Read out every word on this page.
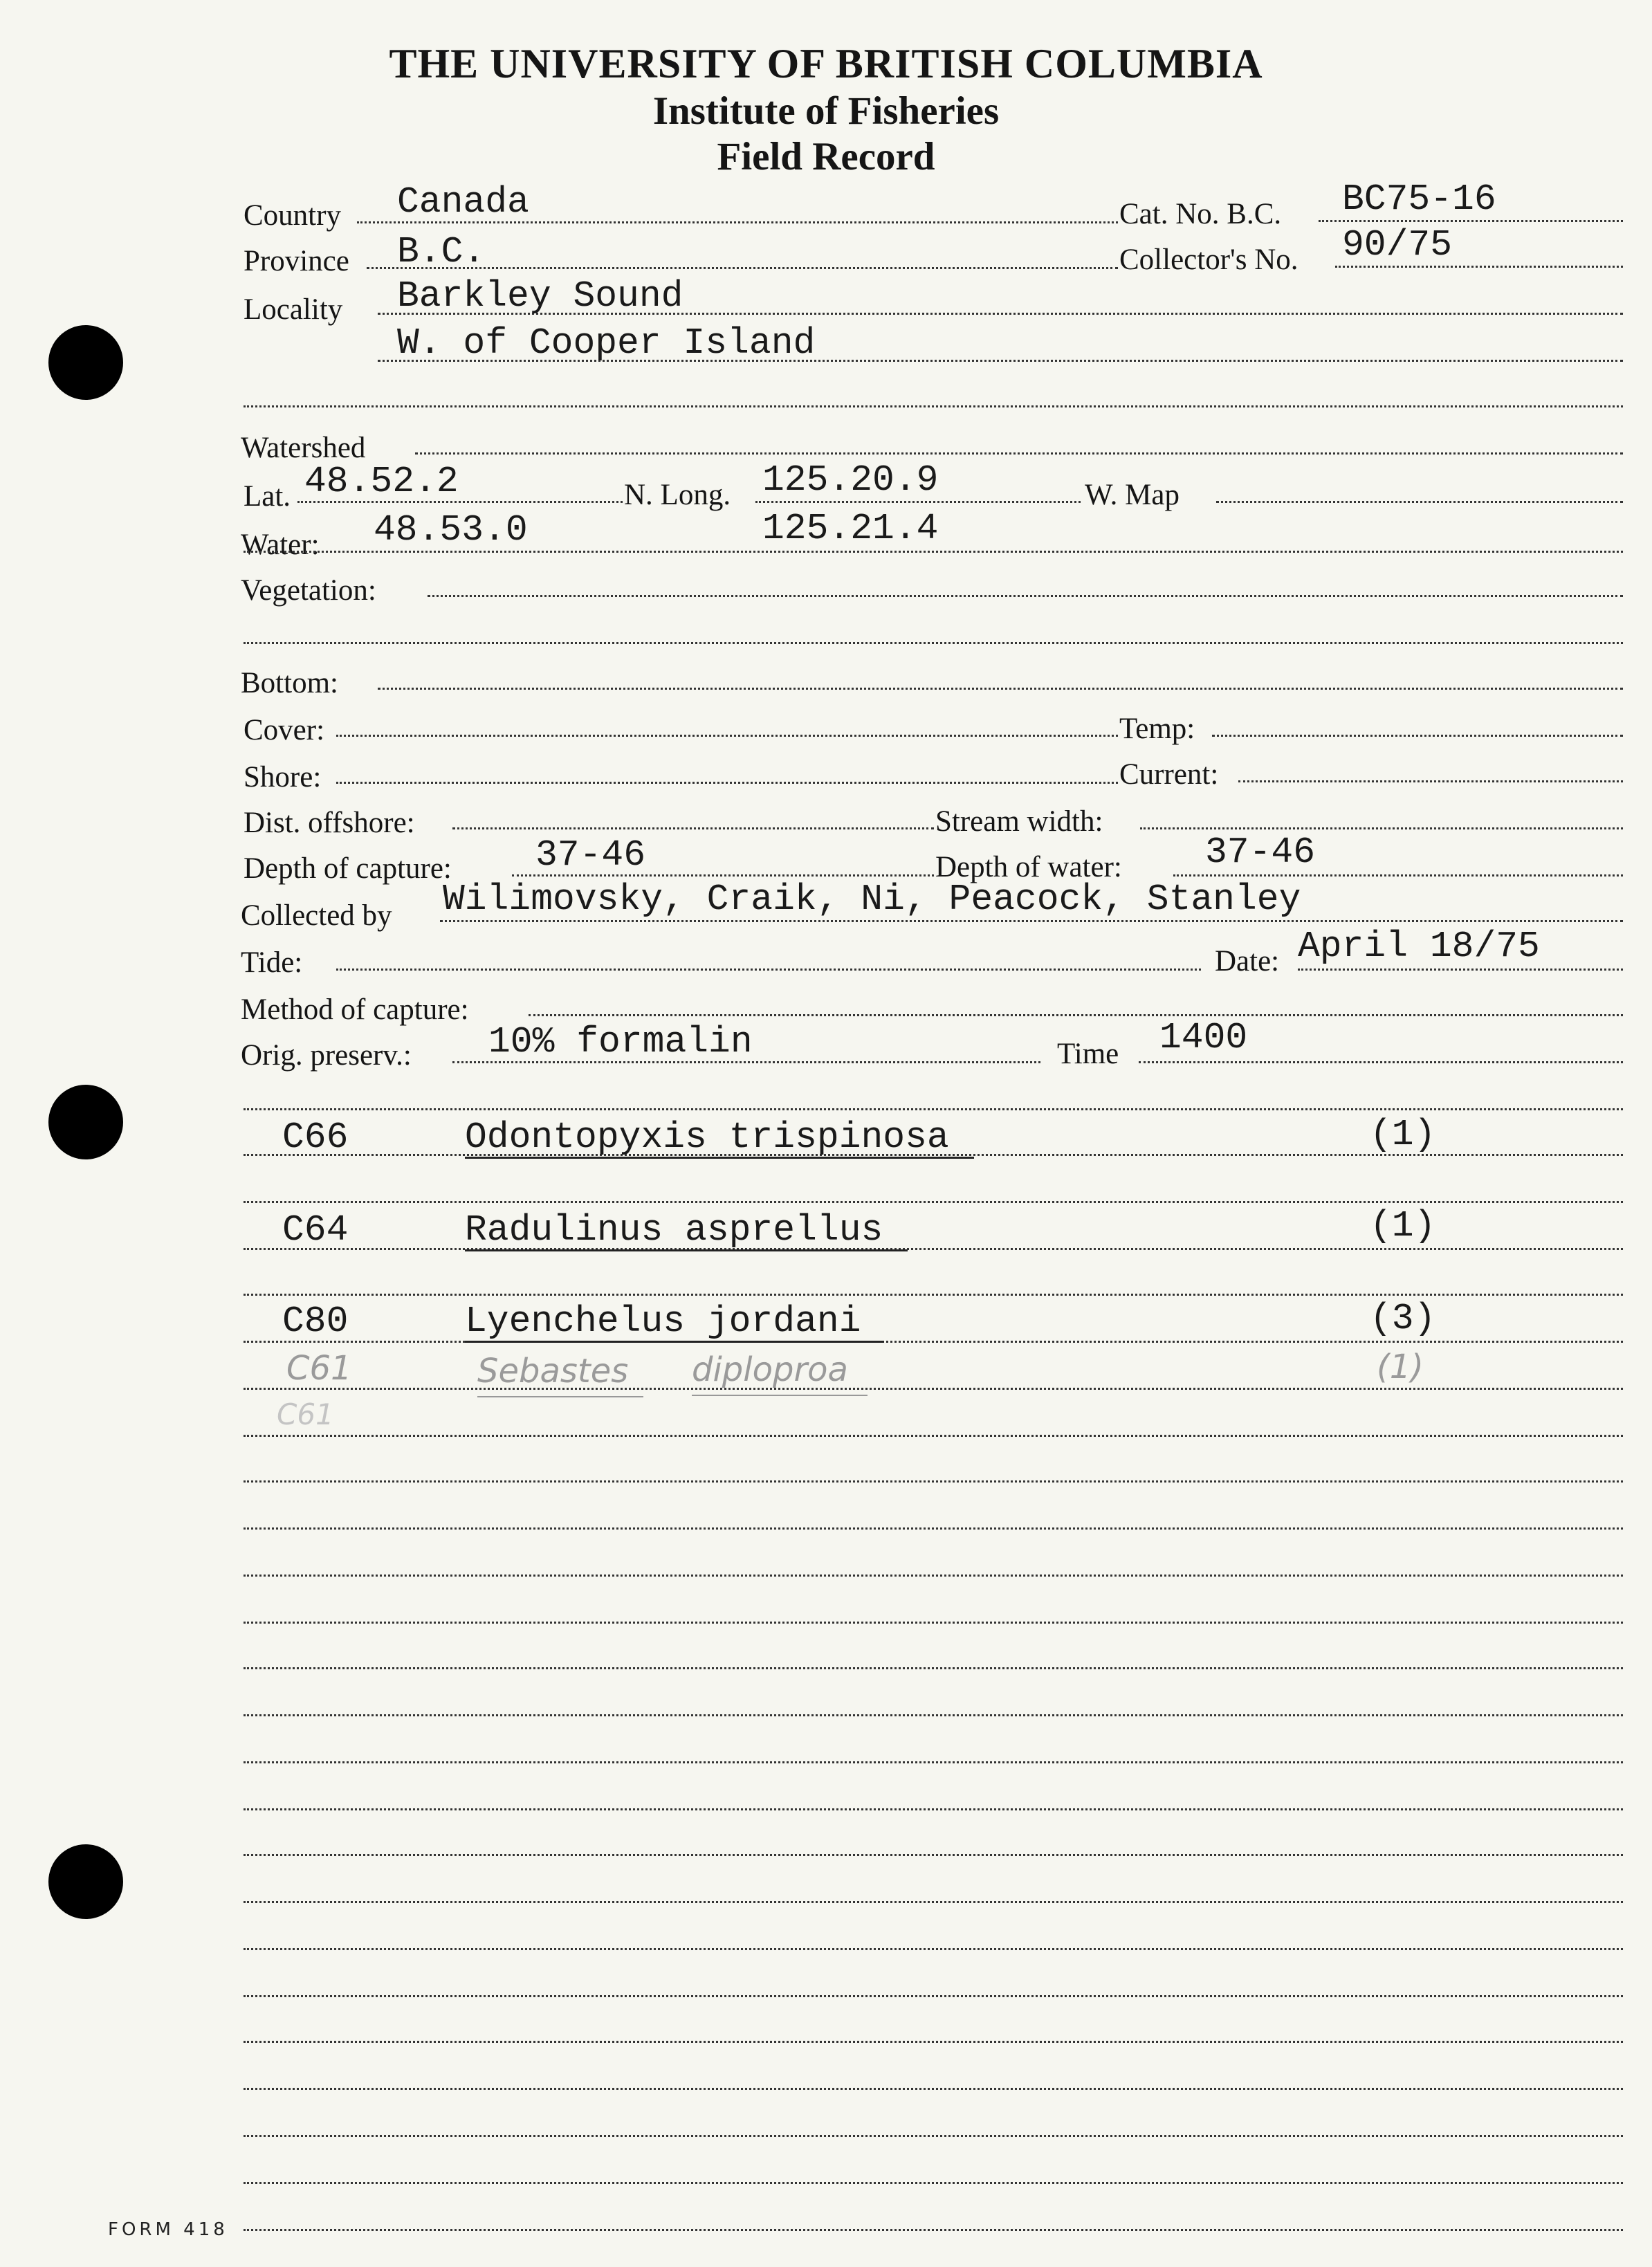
THE UNIVERSITY OF BRITISH COLUMBIA
Institute of Fisheries
Field Record
Country Canada	Cat. No. B.C. BC75-16
Province B.C.	Collector's No. 90/75
Locality Barkley Sound
W. of Cooper Island
Watershed
Lat. 48.52.2	N. Long. 125.20.9	W. Map
Water: 48.53.0	125.21.4
Vegetation:
Bottom:
Cover:	Temp:
Shore:	Current:
Dist. offshore:	Stream width:
Depth of capture: 37-46	Depth of water: 37-46
Collected by Wilimovsky, Craik, Ni, Peacock, Stanley
Tide:	Date: April 18/75
Method of capture:
Orig. preserv.: 10% formalin	Time 1400
C66	Odontopyxis trispinosa	(1)
C64	Radulinus asprellus	(1)
C80	Lyenchelus jordani	(3)
C61	Sebastes diploproa	(1)
C61
FORM 418
